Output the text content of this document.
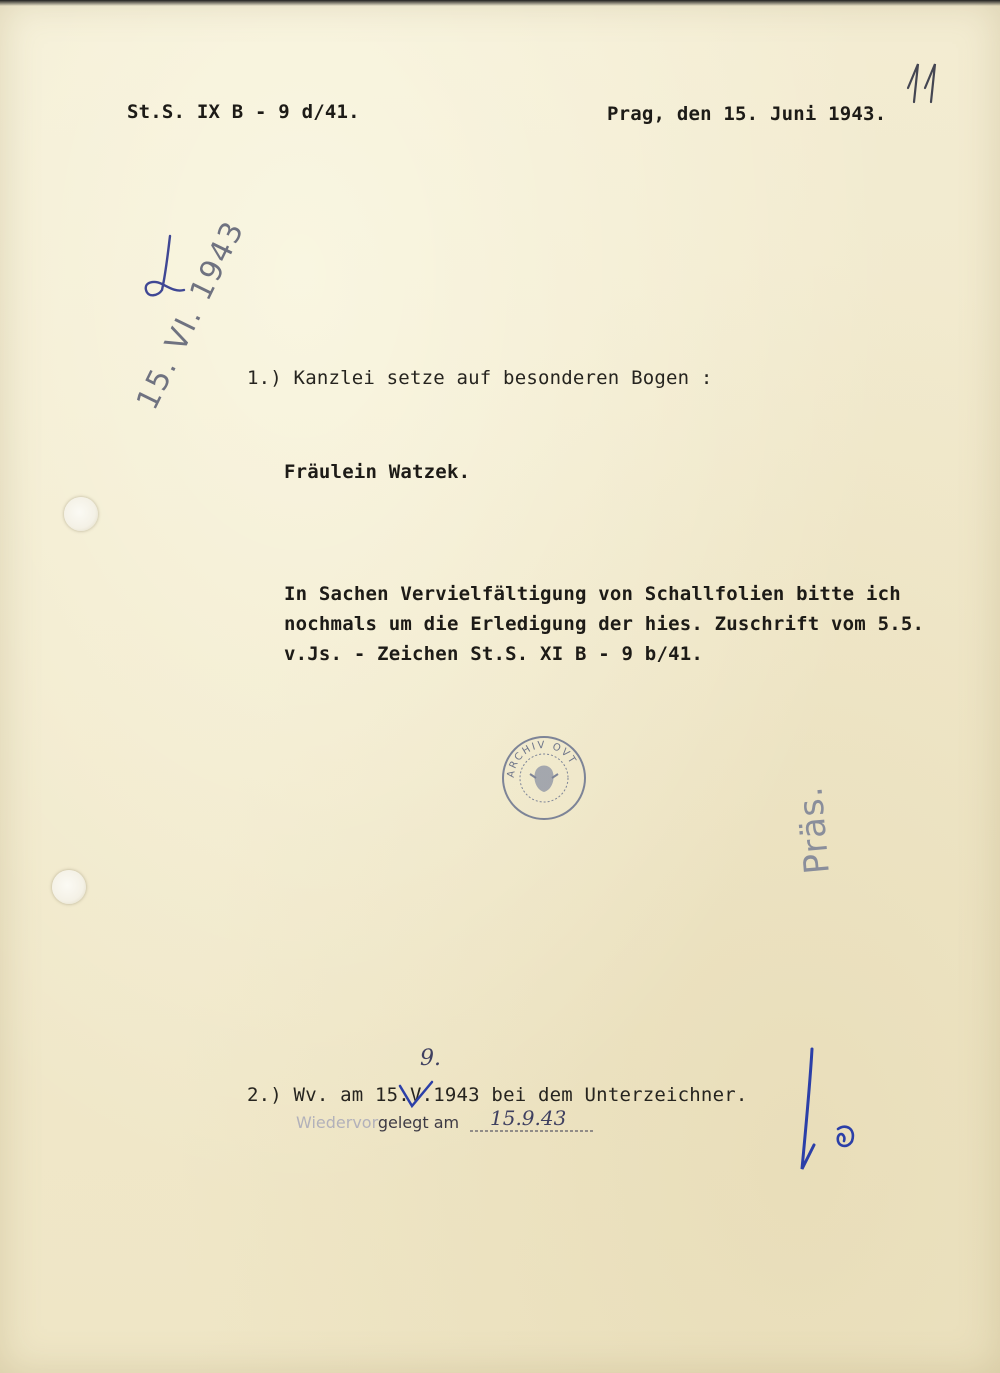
St.S. IX B - 9 d/41.	Prag, den 15. Juni 1943.
15. VI. 1943
1.) Kanzlei setze auf besonderen Bogen :
Fräulein Watzek.
In Sachen Vervielfältigung von Schallfolien bitte ich
nochmals um die Erledigung der hies. Zuschrift vom 5.5.
v.Js. - Zeichen St.S. XI B - 9 b/41.
ARCHIV OVT
Präs.
2.) Wv. am 15.V.1943 bei dem Unterzeichner.
9.
Wiedervorgelegt am 15.9.43
